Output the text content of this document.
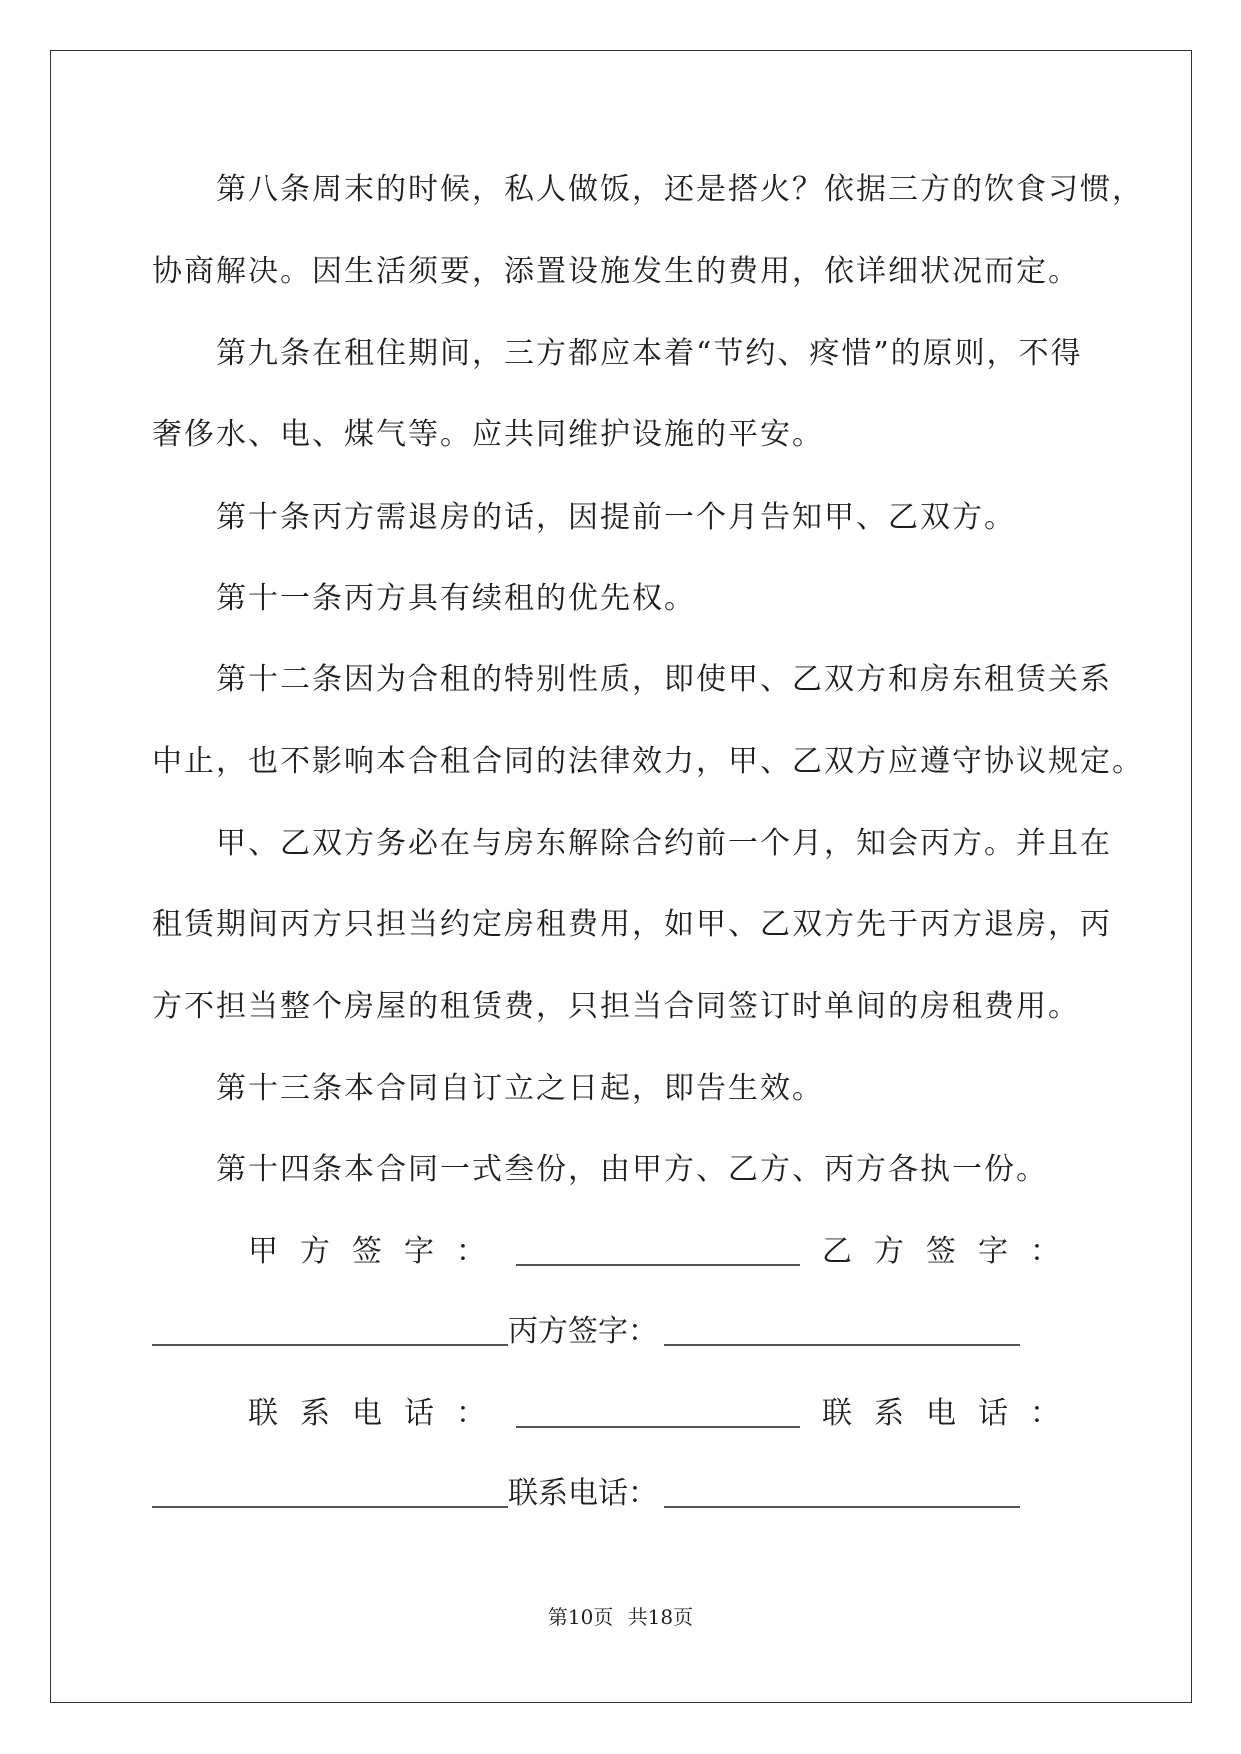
第八条周末的时候，私人做饭，还是搭火？依据三方的饮食习惯，
协商解决。因生活须要，添置设施发生的费用，依详细状况而定。
第九条在租住期间，三方都应本着“节约、疼惜”的原则，不得
奢侈水、电、煤气等。应共同维护设施的平安。
第十条丙方需退房的话，因提前一个月告知甲、乙双方。
第十一条丙方具有续租的优先权。
第十二条因为合租的特别性质，即使甲、乙双方和房东租赁关系
中止，也不影响本合租合同的法律效力，甲、乙双方应遵守协议规定。
甲、乙双方务必在与房东解除合约前一个月，知会丙方。并且在
租赁期间丙方只担当约定房租费用，如甲、乙双方先于丙方退房，丙
方不担当整个房屋的租赁费，只担当合同签订时单间的房租费用。
第十三条本合同自订立之日起，即告生效。
第十四条本合同一式叁份，由甲方、乙方、丙方各执一份。
甲方签字：	乙方签字：
丙方签字：
联系电话：	联系电话：
联系电话：
第10页 共18页
